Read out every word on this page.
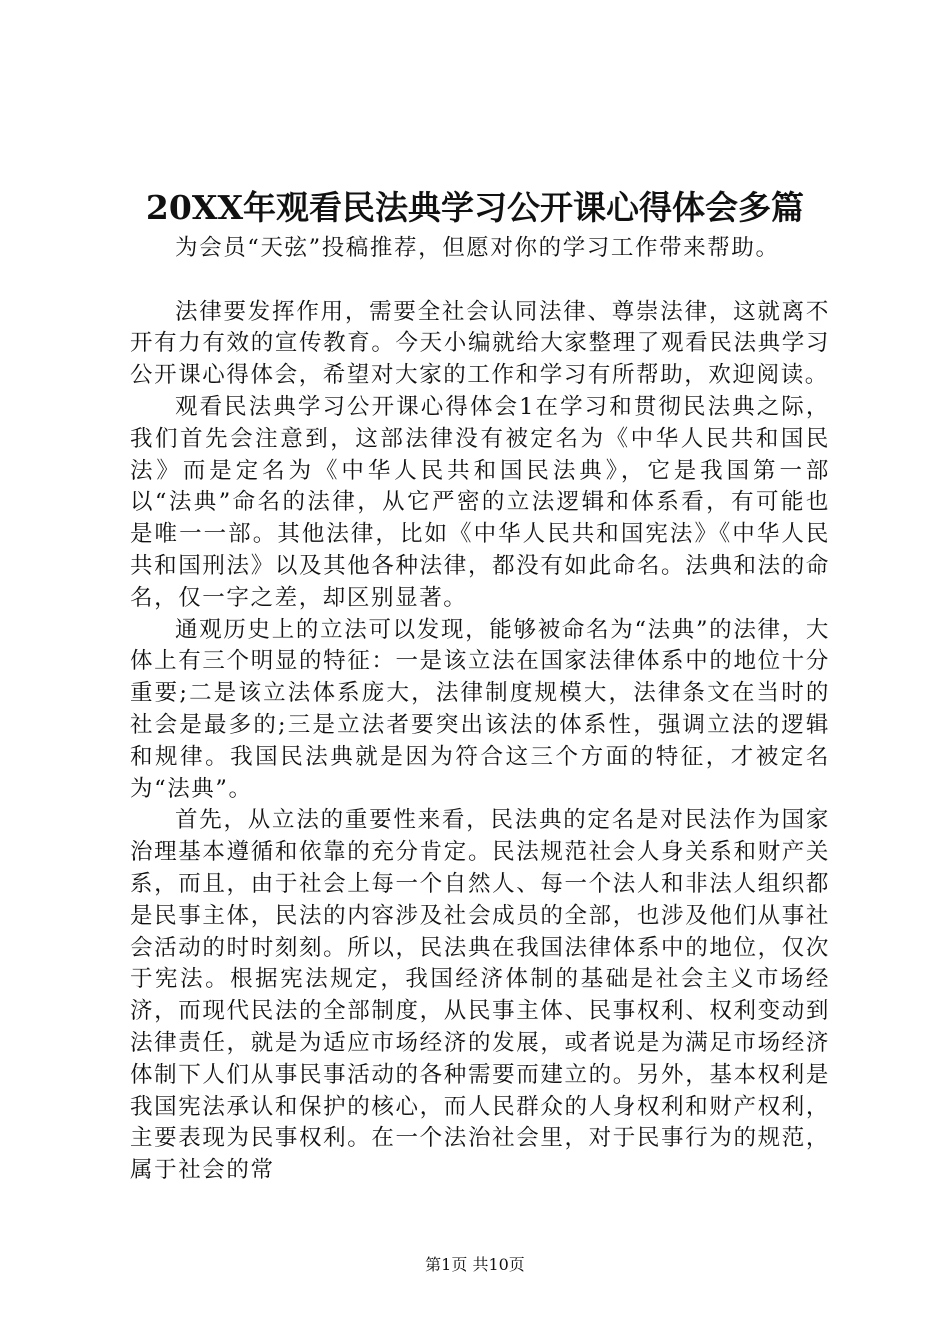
20XX年观看民法典学习公开课心得体会多篇

为会员“天弦”投稿推荐，但愿对你的学习工作带来帮助。

法律要发挥作用，需要全社会认同法律、尊崇法律，这就离不开有力有效的宣传教育。今天小编就给大家整理了观看民法典学习公开课心得体会，希望对大家的工作和学习有所帮助，欢迎阅读。

观看民法典学习公开课心得体会1在学习和贯彻民法典之际，我们首先会注意到，这部法律没有被定名为《中华人民共和国民法》而是定名为《中华人民共和国民法典》，它是我国第一部以“法典”命名的法律，从它严密的立法逻辑和体系看，有可能也是唯一一部。其他法律，比如《中华人民共和国宪法》《中华人民共和国刑法》以及其他各种法律，都没有如此命名。法典和法的命名，仅一字之差，却区别显著。

通观历史上的立法可以发现，能够被命名为“法典”的法律，大体上有三个明显的特征：一是该立法在国家法律体系中的地位十分重要;二是该立法体系庞大，法律制度规模大，法律条文在当时的社会是最多的;三是立法者要突出该法的体系性，强调立法的逻辑和规律。我国民法典就是因为符合这三个方面的特征，才被定名为“法典”。

首先，从立法的重要性来看，民法典的定名是对民法作为国家治理基本遵循和依靠的充分肯定。民法规范社会人身关系和财产关系，而且，由于社会上每一个自然人、每一个法人和非法人组织都是民事主体，民法的内容涉及社会成员的全部，也涉及他们从事社会活动的时时刻刻。所以，民法典在我国法律体系中的地位，仅次于宪法。根据宪法规定，我国经济体制的基础是社会主义市场经济，而现代民法的全部制度，从民事主体、民事权利、权利变动到法律责任，就是为适应市场经济的发展，或者说是为满足市场经济体制下人们从事民事活动的各种需要而建立的。另外，基本权利是我国宪法承认和保护的核心，而人民群众的人身权利和财产权利，主要表现为民事权利。在一个法治社会里，对于民事行为的规范，属于社会的常

第1页 共10页
